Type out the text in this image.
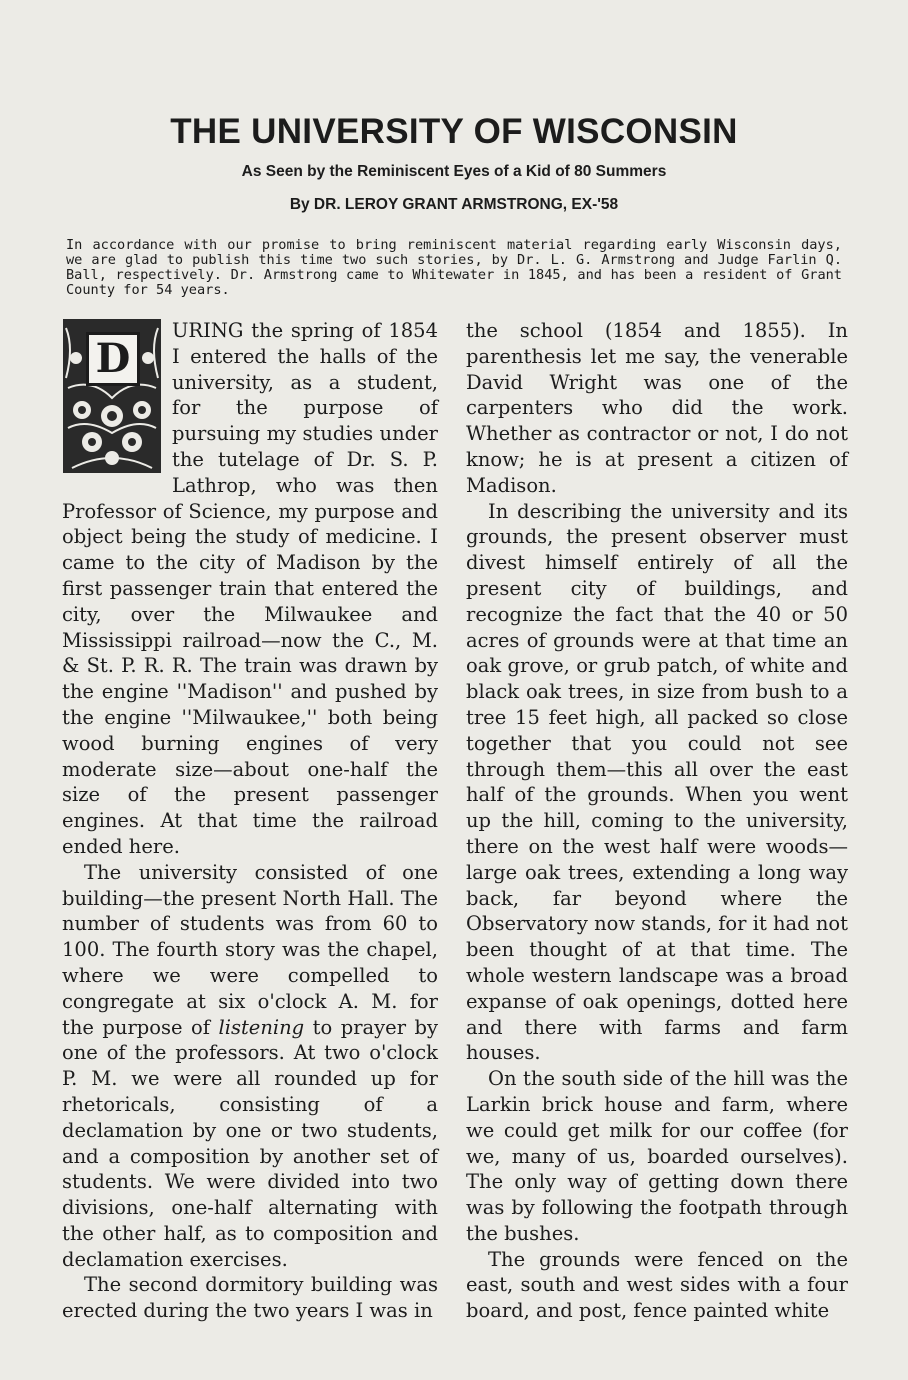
THE UNIVERSITY OF WISCONSIN
As Seen by the Reminiscent Eyes of a Kid of 80 Summers
By DR. LEROY GRANT ARMSTRONG, EX-'58
In accordance with our promise to bring reminiscent material regarding early Wisconsin days, we are glad to publish this time two such stories, by Dr. L. G. Armstrong and Judge Farlin Q. Ball, respectively. Dr. Armstrong came to Whitewater in 1845, and has been a resident of Grant County for 54 years.

D
URING the spring of 1854 I entered the halls of the university, as a student, for the purpose of pursuing my studies under the tutelage of Dr. S. P. Lathrop, who was then Professor of Science, my purpose and object being the study of medicine. I came to the city of Madison by the first passenger train that entered the city, over the Milwaukee and Mississippi railroad—now the C., M. & St. P. R. R. The train was drawn by the engine ''Madison'' and pushed by the engine ''Milwaukee,'' both being wood burning engines of very moderate size—about one-half the size of the present passenger engines. At that time the railroad ended here.

The university consisted of one building—the present North Hall. The number of students was from 60 to 100. The fourth story was the chapel, where we were compelled to congregate at six o'clock A. M. for the purpose of listening to prayer by one of the professors. At two o'clock P. M. we were all rounded up for rhetoricals, consisting of a declamation by one or two students, and a composition by another set of students. We were divided into two divisions, one-half alternating with the other half, as to composition and declamation exercises.

The second dormitory building was erected during the two years I was in

the school (1854 and 1855). In parenthesis let me say, the venerable David Wright was one of the carpenters who did the work. Whether as contractor or not, I do not know; he is at present a citizen of Madison.

In describing the university and its grounds, the present observer must divest himself entirely of all the present city of buildings, and recognize the fact that the 40 or 50 acres of grounds were at that time an oak grove, or grub patch, of white and black oak trees, in size from bush to a tree 15 feet high, all packed so close together that you could not see through them—this all over the east half of the grounds. When you went up the hill, coming to the university, there on the west half were woods—large oak trees, extending a long way back, far beyond where the Observatory now stands, for it had not been thought of at that time. The whole western landscape was a broad expanse of oak openings, dotted here and there with farms and farm houses.

On the south side of the hill was the Larkin brick house and farm, where we could get milk for our coffee (for we, many of us, boarded ourselves). The only way of getting down there was by following the footpath through the bushes.

The grounds were fenced on the east, south and west sides with a four board, and post, fence painted white
